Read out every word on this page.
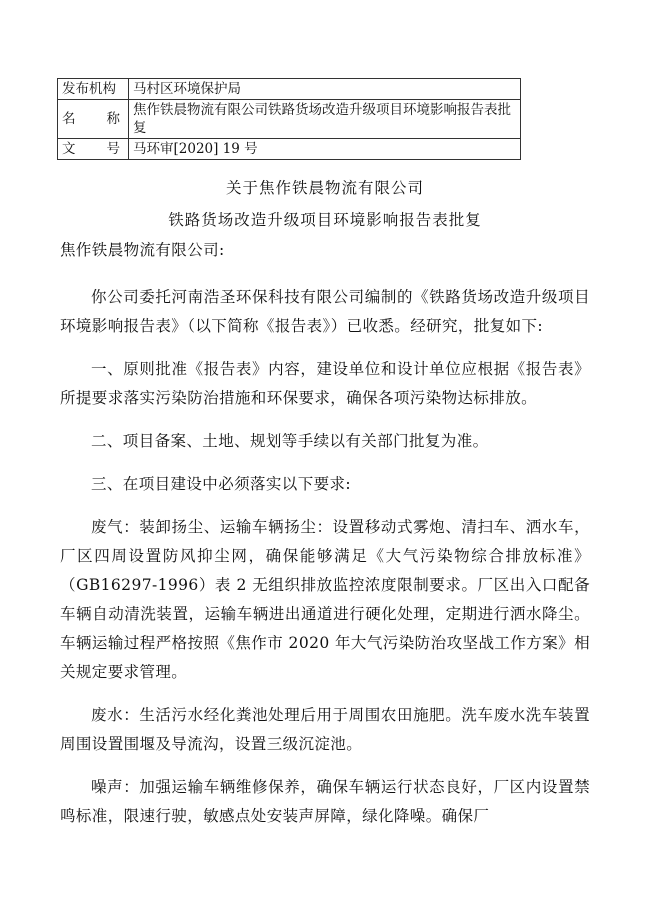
发布机构	马村区环境保护局

名 称	焦作铁晨物流有限公司铁路货场改造升级项目环境影响报告表批复

文 号	马环审[2020] 19 号
关于焦作铁晨物流有限公司
铁路货场改造升级项目环境影响报告表批复

焦作铁晨物流有限公司:

你公司委托河南浩圣环保科技有限公司编制的《铁路货场改造升级项目环境影响报告表》（以下简称《报告表》）已收悉。经研究，批复如下:

一、原则批准《报告表》内容，建设单位和设计单位应根据《报告表》所提要求落实污染防治措施和环保要求，确保各项污染物达标排放。

二、项目备案、土地、规划等手续以有关部门批复为准。

三、在项目建设中必须落实以下要求:

废气：装卸扬尘、运输车辆扬尘：设置移动式雾炮、清扫车、洒水车，厂区四周设置防风抑尘网，确保能够满足《大气污染物综合排放标准》（GB16297-1996）表 2 无组织排放监控浓度限制要求。厂区出入口配备车辆自动清洗装置，运输车辆进出通道进行硬化处理，定期进行洒水降尘。车辆运输过程严格按照《焦作市 2020 年大气污染防治攻坚战工作方案》相关规定要求管理。

废水：生活污水经化粪池处理后用于周围农田施肥。洗车废水洗车装置周围设置围堰及导流沟，设置三级沉淀池。

噪声：加强运输车辆维修保养，确保车辆运行状态良好，厂区内设置禁鸣标准，限速行驶，敏感点处安装声屏障，绿化降噪。确保厂
